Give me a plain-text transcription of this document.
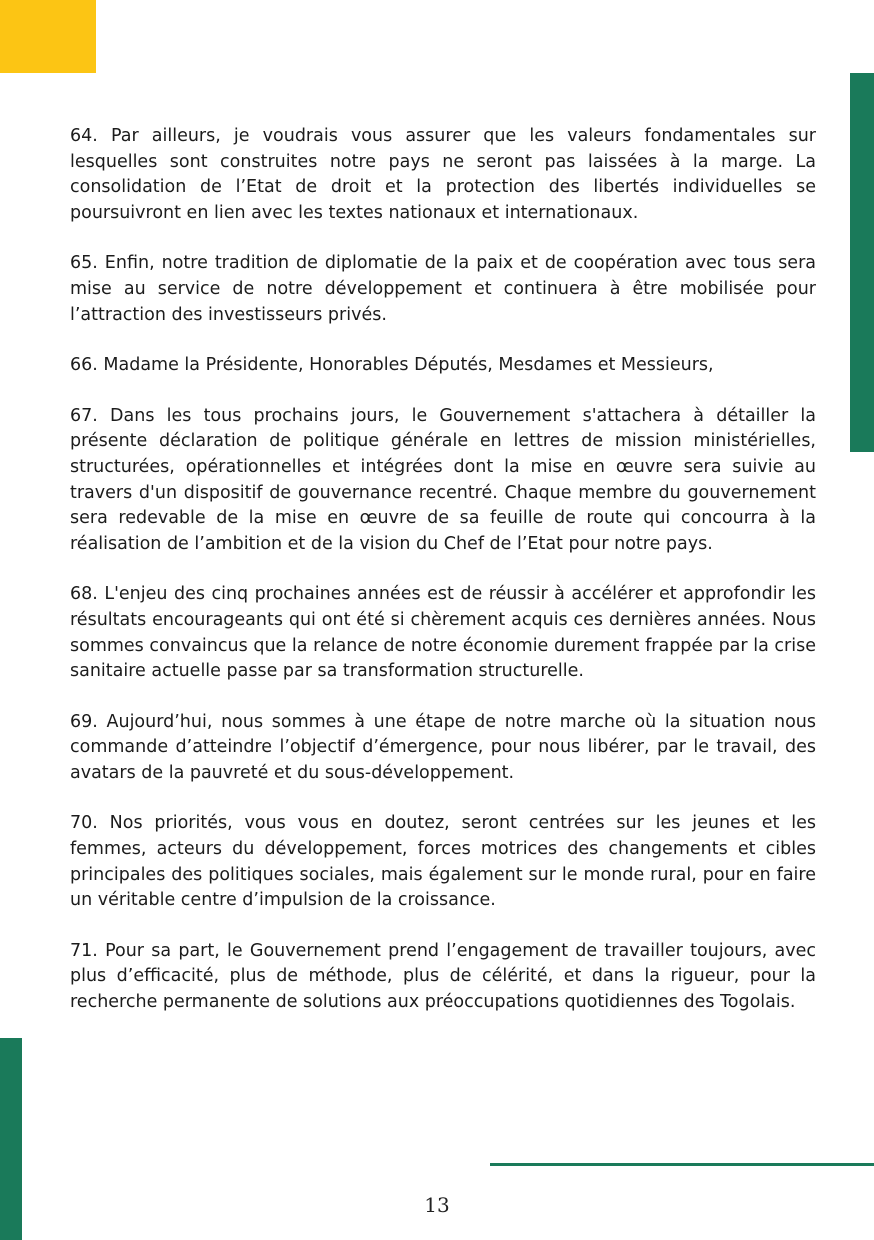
64. Par ailleurs, je voudrais vous assurer que les valeurs fondamentales sur lesquelles sont construites notre pays ne seront pas laissées à la marge. La consolidation de l’Etat de droit et la protection des libertés individuelles se poursuivront en lien avec les textes nationaux et internationaux.

65. Enfin, notre tradition de diplomatie de la paix et de coopération avec tous sera mise au service de notre développement et continuera à être mobilisée pour l’attraction des investisseurs privés.

66. Madame la Présidente, Honorables Députés, Mesdames et Messieurs,

67. Dans les tous prochains jours, le Gouvernement s'attachera à détailler la présente déclaration de politique générale en lettres de mission ministérielles, structurées, opérationnelles et intégrées dont la mise en œuvre sera suivie au travers d'un dispositif de gouvernance recentré. Chaque membre du gouvernement sera redevable de la mise en œuvre de sa feuille de route qui concourra à la réalisation de l’ambition et de la vision du Chef de l’Etat pour notre pays.

68. L'enjeu des cinq prochaines années est de réussir à accélérer et approfondir les résultats encourageants qui ont été si chèrement acquis ces dernières années. Nous sommes convaincus que la relance de notre économie durement frappée par la crise sanitaire actuelle passe par sa transformation structurelle.

69. Aujourd’hui, nous sommes à une étape de notre marche où la situation nous commande d’atteindre l’objectif d’émergence, pour nous libérer, par le travail, des avatars de la pauvreté et du sous-développement.

70. Nos priorités, vous vous en doutez, seront centrées sur les jeunes et les femmes, acteurs du développement, forces motrices des changements et cibles principales des politiques sociales, mais également sur le monde rural, pour en faire un véritable centre d’impulsion de la croissance.

71. Pour sa part, le Gouvernement prend l’engagement de travailler toujours, avec plus d’efficacité, plus de méthode, plus de célérité, et dans la rigueur, pour la recherche permanente de solutions aux préoccupations quotidiennes des Togolais.

13
